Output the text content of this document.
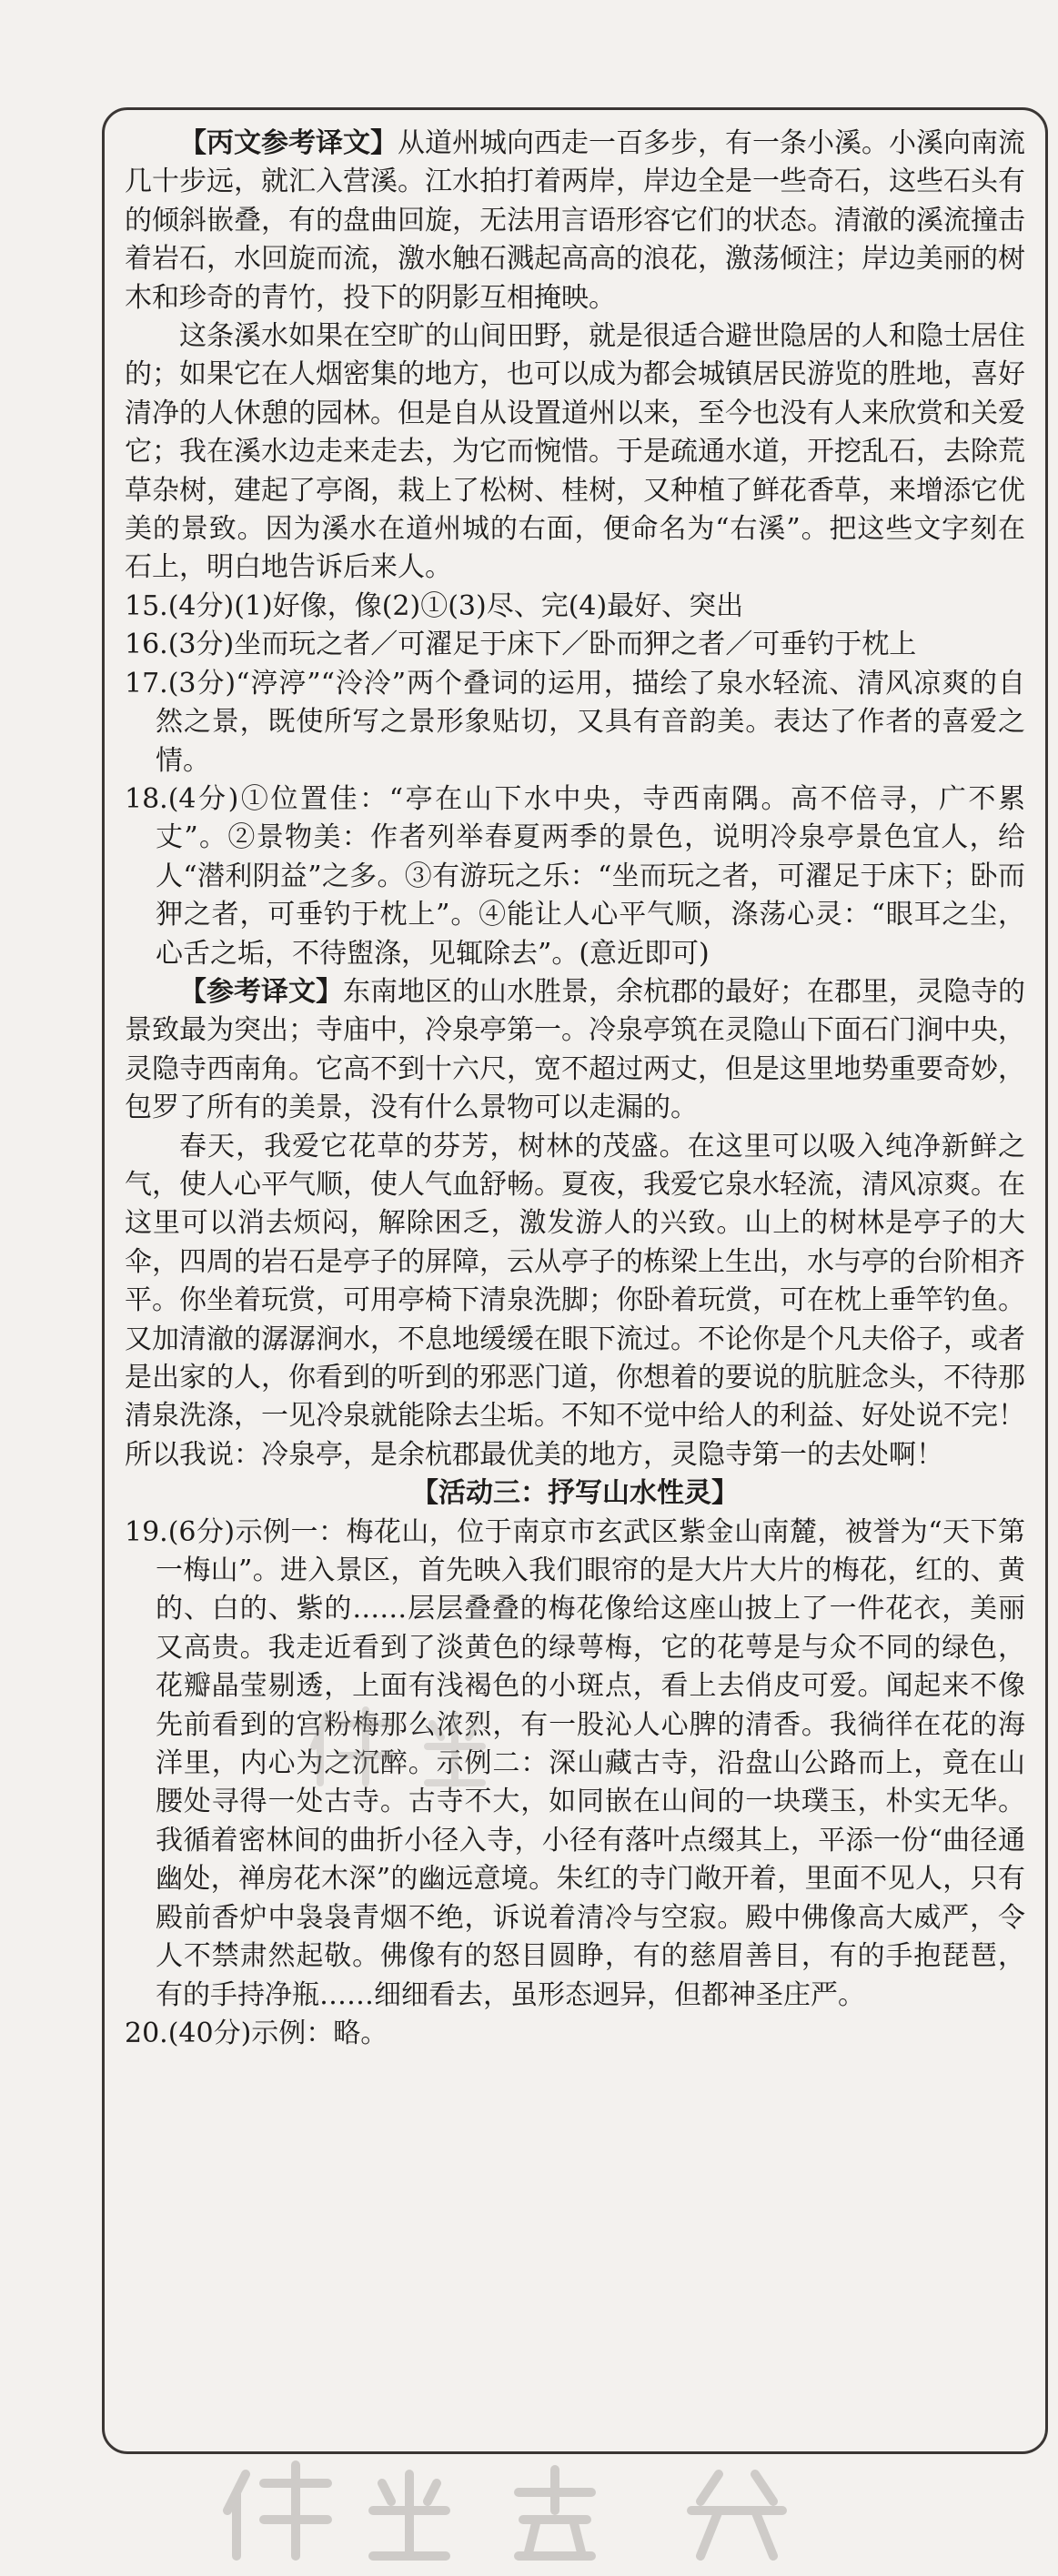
【丙文参考译文】从道州城向西走一百多步，有一条小溪。小溪向南流几十步远，就汇入营溪。江水拍打着两岸，岸边全是一些奇石，这些石头有的倾斜嵌叠，有的盘曲回旋，无法用言语形容它们的状态。清澈的溪流撞击着岩石，水回旋而流，激水触石溅起高高的浪花，激荡倾注；岸边美丽的树木和珍奇的青竹，投下的阴影互相掩映。

这条溪水如果在空旷的山间田野，就是很适合避世隐居的人和隐士居住的；如果它在人烟密集的地方，也可以成为都会城镇居民游览的胜地，喜好清净的人休憩的园林。但是自从设置道州以来，至今也没有人来欣赏和关爱它；我在溪水边走来走去，为它而惋惜。于是疏通水道，开挖乱石，去除荒草杂树，建起了亭阁，栽上了松树、桂树，又种植了鲜花香草，来增添它优美的景致。因为溪水在道州城的右面，便命名为“右溪”。把这些文字刻在石上，明白地告诉后来人。

15.(4分)(1)好像，像(2)①(3)尽、完(4)最好、突出

16.(3分)坐而玩之者／可濯足于床下／卧而狎之者／可垂钓于枕上

17.(3分)“渟渟”“泠泠”两个叠词的运用，描绘了泉水轻流、清风凉爽的自然之景，既使所写之景形象贴切，又具有音韵美。表达了作者的喜爱之情。

18.(4分)①位置佳：“亭在山下水中央，寺西南隅。高不倍寻，广不累丈”。②景物美：作者列举春夏两季的景色，说明冷泉亭景色宜人，给人“潜利阴益”之多。③有游玩之乐：“坐而玩之者，可濯足于床下；卧而狎之者，可垂钓于枕上”。④能让人心平气顺，涤荡心灵：“眼耳之尘，心舌之垢，不待盥涤，见辄除去”。(意近即可)

【参考译文】东南地区的山水胜景，余杭郡的最好；在郡里，灵隐寺的景致最为突出；寺庙中，冷泉亭第一。冷泉亭筑在灵隐山下面石门涧中央，灵隐寺西南角。它高不到十六尺，宽不超过两丈，但是这里地势重要奇妙，包罗了所有的美景，没有什么景物可以走漏的。

春天，我爱它花草的芬芳，树林的茂盛。在这里可以吸入纯净新鲜之气，使人心平气顺，使人气血舒畅。夏夜，我爱它泉水轻流，清风凉爽。在这里可以消去烦闷，解除困乏，激发游人的兴致。山上的树林是亭子的大伞，四周的岩石是亭子的屏障，云从亭子的栋梁上生出，水与亭的台阶相齐平。你坐着玩赏，可用亭椅下清泉洗脚；你卧着玩赏，可在枕上垂竿钓鱼。又加清澈的潺潺涧水，不息地缓缓在眼下流过。不论你是个凡夫俗子，或者是出家的人，你看到的听到的邪恶门道，你想着的要说的肮脏念头，不待那清泉洗涤，一见冷泉就能除去尘垢。不知不觉中给人的利益、好处说不完！所以我说：冷泉亭，是余杭郡最优美的地方，灵隐寺第一的去处啊！

【活动三：抒写山水性灵】

19.(6分)示例一：梅花山，位于南京市玄武区紫金山南麓，被誉为“天下第一梅山”。进入景区，首先映入我们眼帘的是大片大片的梅花，红的、黄的、白的、紫的……层层叠叠的梅花像给这座山披上了一件花衣，美丽又高贵。我走近看到了淡黄色的绿萼梅，它的花萼是与众不同的绿色，花瓣晶莹剔透，上面有浅褐色的小斑点，看上去俏皮可爱。闻起来不像先前看到的宫粉梅那么浓烈，有一股沁人心脾的清香。我徜徉在花的海洋里，内心为之沉醉。示例二：深山藏古寺，沿盘山公路而上，竟在山腰处寻得一处古寺。古寺不大，如同嵌在山间的一块璞玉，朴实无华。我循着密林间的曲折小径入寺，小径有落叶点缀其上，平添一份“曲径通幽处，禅房花木深”的幽远意境。朱红的寺门敞开着，里面不见人，只有殿前香炉中袅袅青烟不绝，诉说着清冷与空寂。殿中佛像高大威严，令人不禁肃然起敬。佛像有的怒目圆睁，有的慈眉善目，有的手抱琵琶，有的手持净瓶……细细看去，虽形态迥异，但都神圣庄严。

20.(40分)示例：略。
